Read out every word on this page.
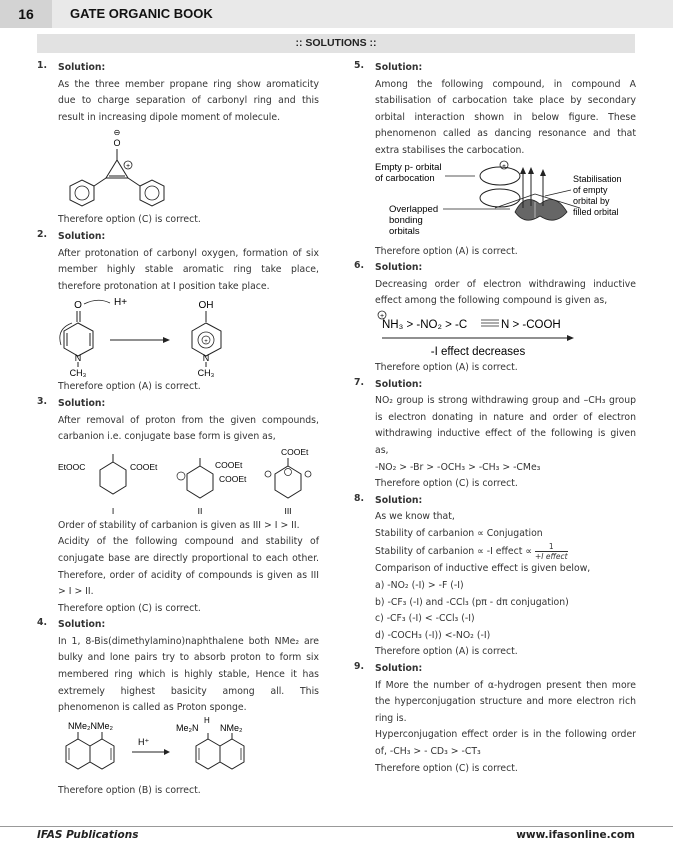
16	GATE ORGANIC BOOK
:: SOLUTIONS ::
1. Solution:
As the three member propane ring show aromaticity due to charge separation of carbonyl ring and this result in increasing dipole moment of molecule.
⊖
O
+
Therefore option (C) is correct.
2. Solution:
After protonation of carbonyl oxygen, formation of six member highly stable aromatic ring take place, therefore protonation at I position take place.
O	H+
N
CH₃
OH
+
N
CH₃
Therefore option (A) is correct.
3. Solution:
After removal of proton from the given compounds, carbanion i.e. conjugate base form is given as,
EtOOC	COOEt
I
COOEt
COOEt
II
COOEt
III
Order of stability of carbanion is given as III > I > II.
Acidity of the following compound and stability of conjugate base are directly proportional to each other. Therefore, order of acidity of compounds is given as III > I > II.
Therefore option (C) is correct.
4. Solution:
In 1, 8-Bis(dimethylamino)naphthalene both NMe₂ are bulky and lone pairs try to absorb proton to form six membered ring which is highly stable, Hence it has extremely highest basicity among all. This phenomenon is called as Proton sponge.
NMe₂NMe₂
H⁺
H
Me₂N NMe₂
Therefore option (B) is correct.
5. Solution:
Among the following compound, in compound A stabilisation of carbocation take place by secondary orbital interaction shown in below figure. These phenomenon called as dancing resonance and that extra stabilises the carbocation.
Empty p- orbital
of carbocation
+
Stabilisation
of empty
orbital by
filled orbital
Overlapped
bonding
orbitals
Therefore option (A) is correct.
6. Solution:
Decreasing order of electron withdrawing inductive effect among the following compound is given as,
+
NH₃ > -NO₂ > -C	N > -COOH
-I effect decreases
Therefore option (A) is correct.
7. Solution:
NO₂ group is strong withdrawing group and –CH₃ group is electron donating in nature and order of electron withdrawing inductive effect of the following is given as,
-NO₂ > -Br > -OCH₃ > -CH₃ > -CMe₃
Therefore option (C) is correct.
8. Solution:
As we know that,
Stability of carbanion ∝ Conjugation
Stability of carbanion ∝ -I effect ∝	1
+I effect
Comparison of inductive effect is given below,
a) -NO₂ (-I) > -F (-I)
b) -CF₃ (-I) and -CCl₃ (pπ - dπ conjugation)
c) -CF₃ (-I) < -CCl₃ (-I)
d) -COCH₃ (-I)) <-NO₂ (-I)
Therefore option (A) is correct.
9. Solution:
If More the number of α-hydrogen present then more the hyperconjugation structure and more electron rich ring is.
Hyperconjugation effect order is in the following order of, -CH₃ > - CD₃ > -CT₃
Therefore option (C) is correct.
IFAS Publications	www.ifasonline.com
